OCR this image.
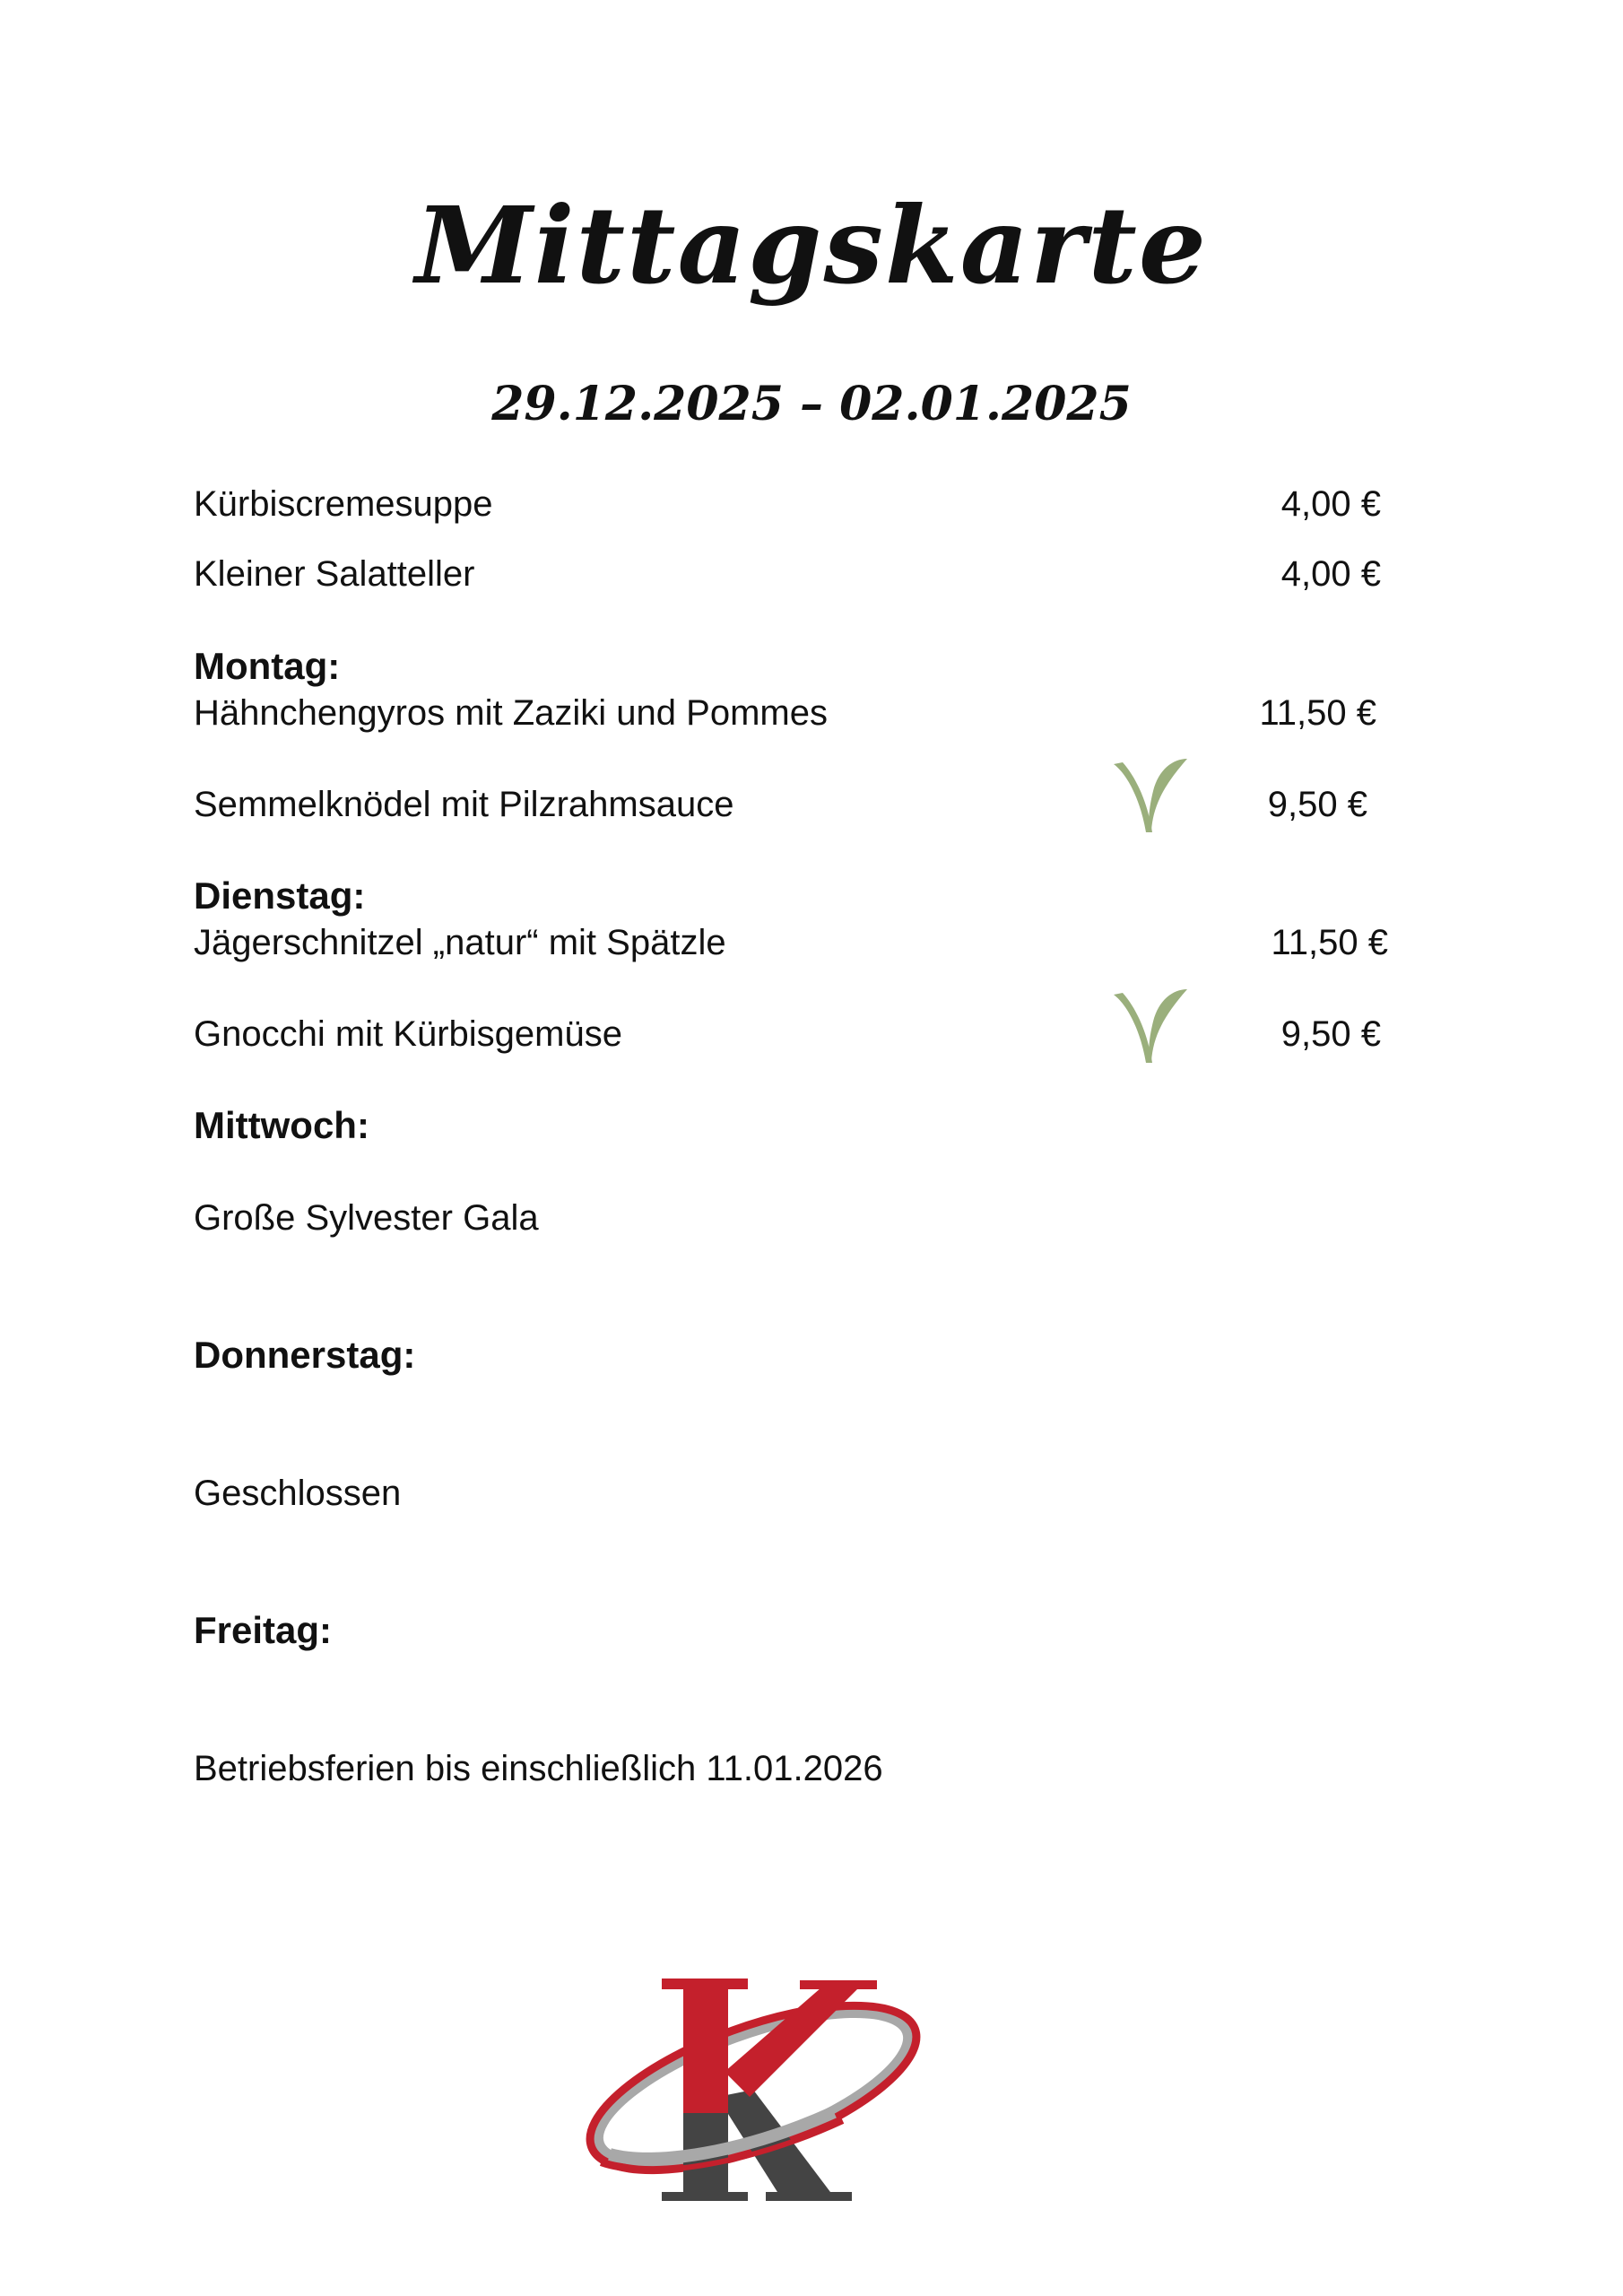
Mittagskarte
29.12.2025 – 02.01.2025
Kürbiscremesuppe	4,00 €
Kleiner Salatteller	4,00 €
Montag:
Hähnchengyros mit Zaziki und Pommes	11,50 €
Semmelknödel mit Pilzrahmsauce	9,50 €
Dienstag:
Jägerschnitzel „natur“ mit Spätzle	11,50 €
Gnocchi mit Kürbisgemüse	9,50 €
Mittwoch:
Große Sylvester Gala
Donnerstag:
Geschlossen
Freitag:
Betriebsferien bis einschließlich 11.01.2026
